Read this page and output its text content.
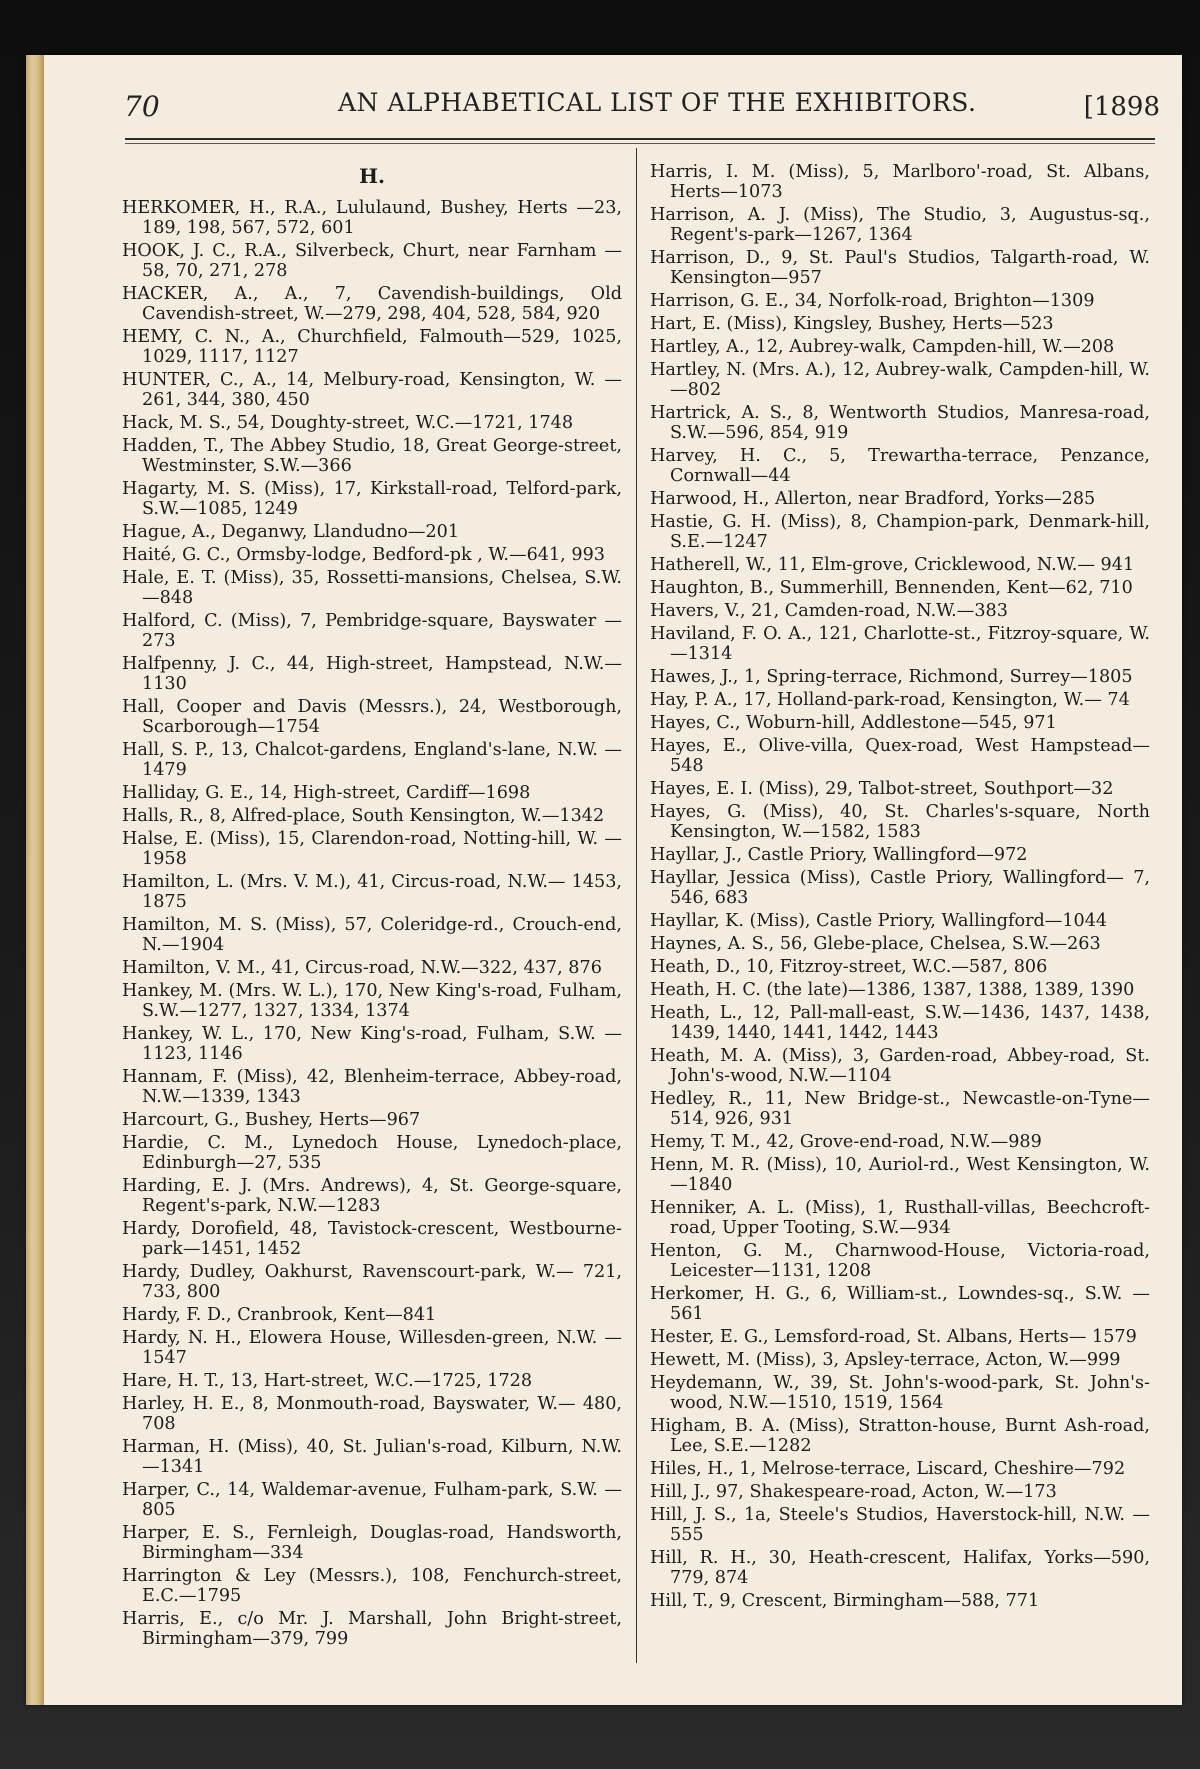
70	AN ALPHABETICAL LIST OF THE EXHIBITORS.	[1898
H.
HERKOMER, H., R.A., Lululaund, Bushey, Herts —23, 189, 198, 567, 572, 601
HOOK, J. C., R.A., Silverbeck, Churt, near Farnham —58, 70, 271, 278
HACKER, A., A., 7, Cavendish-buildings, Old Cavendish-street, W.—279, 298, 404, 528, 584, 920
HEMY, C. N., A., Churchfield, Falmouth—529, 1025, 1029, 1117, 1127
HUNTER, C., A., 14, Melbury-road, Kensington, W. —261, 344, 380, 450
Hack, M. S., 54, Doughty-street, W.C.—1721, 1748
Hadden, T., The Abbey Studio, 18, Great George-street, Westminster, S.W.—366
Hagarty, M. S. (Miss), 17, Kirkstall-road, Telford-park, S.W.—1085, 1249
Hague, A., Deganwy, Llandudno—201
Haité, G. C., Ormsby-lodge, Bedford-pk , W.—641, 993
Hale, E. T. (Miss), 35, Rossetti-mansions, Chelsea, S.W.—848
Halford, C. (Miss), 7, Pembridge-square, Bayswater —273
Halfpenny, J. C., 44, High-street, Hampstead, N.W.— 1130
Hall, Cooper and Davis (Messrs.), 24, Westborough, Scarborough—1754
Hall, S. P., 13, Chalcot-gardens, England's-lane, N.W. —1479
Halliday, G. E., 14, High-street, Cardiff—1698
Halls, R., 8, Alfred-place, South Kensington, W.—1342
Halse, E. (Miss), 15, Clarendon-road, Notting-hill, W. —1958
Hamilton, L. (Mrs. V. M.), 41, Circus-road, N.W.— 1453, 1875
Hamilton, M. S. (Miss), 57, Coleridge-rd., Crouch-end, N.—1904
Hamilton, V. M., 41, Circus-road, N.W.—322, 437, 876
Hankey, M. (Mrs. W. L.), 170, New King's-road, Fulham, S.W.—1277, 1327, 1334, 1374
Hankey, W. L., 170, New King's-road, Fulham, S.W. —1123, 1146
Hannam, F. (Miss), 42, Blenheim-terrace, Abbey-road, N.W.—1339, 1343
Harcourt, G., Bushey, Herts—967
Hardie, C. M., Lynedoch House, Lynedoch-place, Edinburgh—27, 535
Harding, E. J. (Mrs. Andrews), 4, St. George-square, Regent's-park, N.W.—1283
Hardy, Dorofield, 48, Tavistock-crescent, Westbourne-park—1451, 1452
Hardy, Dudley, Oakhurst, Ravenscourt-park, W.— 721, 733, 800
Hardy, F. D., Cranbrook, Kent—841
Hardy, N. H., Elowera House, Willesden-green, N.W. —1547
Hare, H. T., 13, Hart-street, W.C.—1725, 1728
Harley, H. E., 8, Monmouth-road, Bayswater, W.— 480, 708
Harman, H. (Miss), 40, St. Julian's-road, Kilburn, N.W.—1341
Harper, C., 14, Waldemar-avenue, Fulham-park, S.W. —805
Harper, E. S., Fernleigh, Douglas-road, Handsworth, Birmingham—334
Harrington & Ley (Messrs.), 108, Fenchurch-street, E.C.—1795
Harris, E., c/o Mr. J. Marshall, John Bright-street, Birmingham—379, 799
Harris, I. M. (Miss), 5, Marlboro'-road, St. Albans, Herts—1073
Harrison, A. J. (Miss), The Studio, 3, Augustus-sq., Regent's-park—1267, 1364
Harrison, D., 9, St. Paul's Studios, Talgarth-road, W. Kensington—957
Harrison, G. E., 34, Norfolk-road, Brighton—1309
Hart, E. (Miss), Kingsley, Bushey, Herts—523
Hartley, A., 12, Aubrey-walk, Campden-hill, W.—208
Hartley, N. (Mrs. A.), 12, Aubrey-walk, Campden-hill, W.—802
Hartrick, A. S., 8, Wentworth Studios, Manresa-road, S.W.—596, 854, 919
Harvey, H. C., 5, Trewartha-terrace, Penzance, Cornwall—44
Harwood, H., Allerton, near Bradford, Yorks—285
Hastie, G. H. (Miss), 8, Champion-park, Denmark-hill, S.E.—1247
Hatherell, W., 11, Elm-grove, Cricklewood, N.W.— 941
Haughton, B., Summerhill, Bennenden, Kent—62, 710
Havers, V., 21, Camden-road, N.W.—383
Haviland, F. O. A., 121, Charlotte-st., Fitzroy-square, W.—1314
Hawes, J., 1, Spring-terrace, Richmond, Surrey—1805
Hay, P. A., 17, Holland-park-road, Kensington, W.— 74
Hayes, C., Woburn-hill, Addlestone—545, 971
Hayes, E., Olive-villa, Quex-road, West Hampstead— 548
Hayes, E. I. (Miss), 29, Talbot-street, Southport—32
Hayes, G. (Miss), 40, St. Charles's-square, North Kensington, W.—1582, 1583
Hayllar, J., Castle Priory, Wallingford—972
Hayllar, Jessica (Miss), Castle Priory, Wallingford— 7, 546, 683
Hayllar, K. (Miss), Castle Priory, Wallingford—1044
Haynes, A. S., 56, Glebe-place, Chelsea, S.W.—263
Heath, D., 10, Fitzroy-street, W.C.—587, 806
Heath, H. C. (the late)—1386, 1387, 1388, 1389, 1390
Heath, L., 12, Pall-mall-east, S.W.—1436, 1437, 1438, 1439, 1440, 1441, 1442, 1443
Heath, M. A. (Miss), 3, Garden-road, Abbey-road, St. John's-wood, N.W.—1104
Hedley, R., 11, New Bridge-st., Newcastle-on-Tyne— 514, 926, 931
Hemy, T. M., 42, Grove-end-road, N.W.—989
Henn, M. R. (Miss), 10, Auriol-rd., West Kensington, W.—1840
Henniker, A. L. (Miss), 1, Rusthall-villas, Beechcroft-road, Upper Tooting, S.W.—934
Henton, G. M., Charnwood-House, Victoria-road, Leicester—1131, 1208
Herkomer, H. G., 6, William-st., Lowndes-sq., S.W. —561
Hester, E. G., Lemsford-road, St. Albans, Herts— 1579
Hewett, M. (Miss), 3, Apsley-terrace, Acton, W.—999
Heydemann, W., 39, St. John's-wood-park, St. John's-wood, N.W.—1510, 1519, 1564
Higham, B. A. (Miss), Stratton-house, Burnt Ash-road, Lee, S.E.—1282
Hiles, H., 1, Melrose-terrace, Liscard, Cheshire—792
Hill, J., 97, Shakespeare-road, Acton, W.—173
Hill, J. S., 1a, Steele's Studios, Haverstock-hill, N.W. —555
Hill, R. H., 30, Heath-crescent, Halifax, Yorks—590, 779, 874
Hill, T., 9, Crescent, Birmingham—588, 771
